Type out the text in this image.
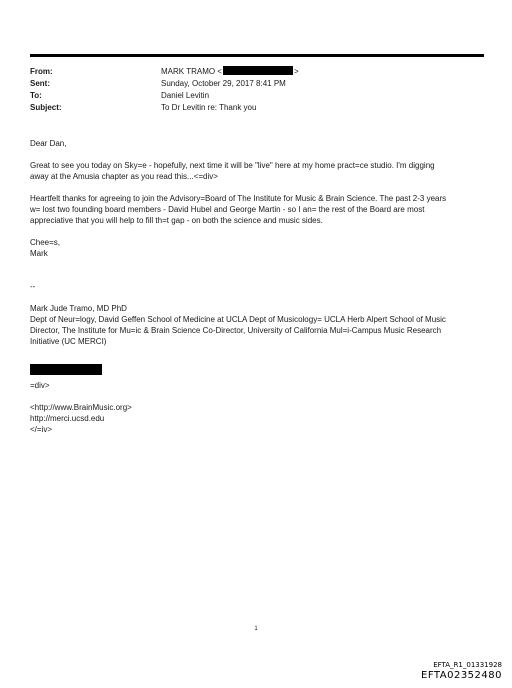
From:	MARK TRAMO <	>
Sent:	Sunday, October 29, 2017 8:41 PM
To:	Daniel Levitin
Subject:	To Dr Levitin re: Thank you

Dear Dan,

Great to see you today on Sky=e - hopefully, next time it will be "live" here at my home pract=ce studio. I'm digging
away at the Amusia chapter as you read this...<=div>

Heartfelt thanks for agreeing to join the Advisory=Board of The Institute for Music & Brain Science. The past 2-3 years
w= lost two founding board members - David Hubel and George Martin - so I an= the rest of the Board are most
appreciative that you will help to fill th=t gap - on both the science and music sides.

Chee=s,

Mark

--

Mark Jude Tramo, MD PhD

Dept of Neur=logy, David Geffen School of Medicine at UCLA Dept of Musicology= UCLA Herb Alpert School of Music
Director, The Institute for Mu=ic & Brain Science Co-Director, University of California Mul=i-Campus Music Research
Initiative (UC MERCI)

=div>

<http://www.BrainMusic.org>

http://merci.ucsd.edu

</=iv>

1
EFTA_R1_01331928
EFTA02352480
